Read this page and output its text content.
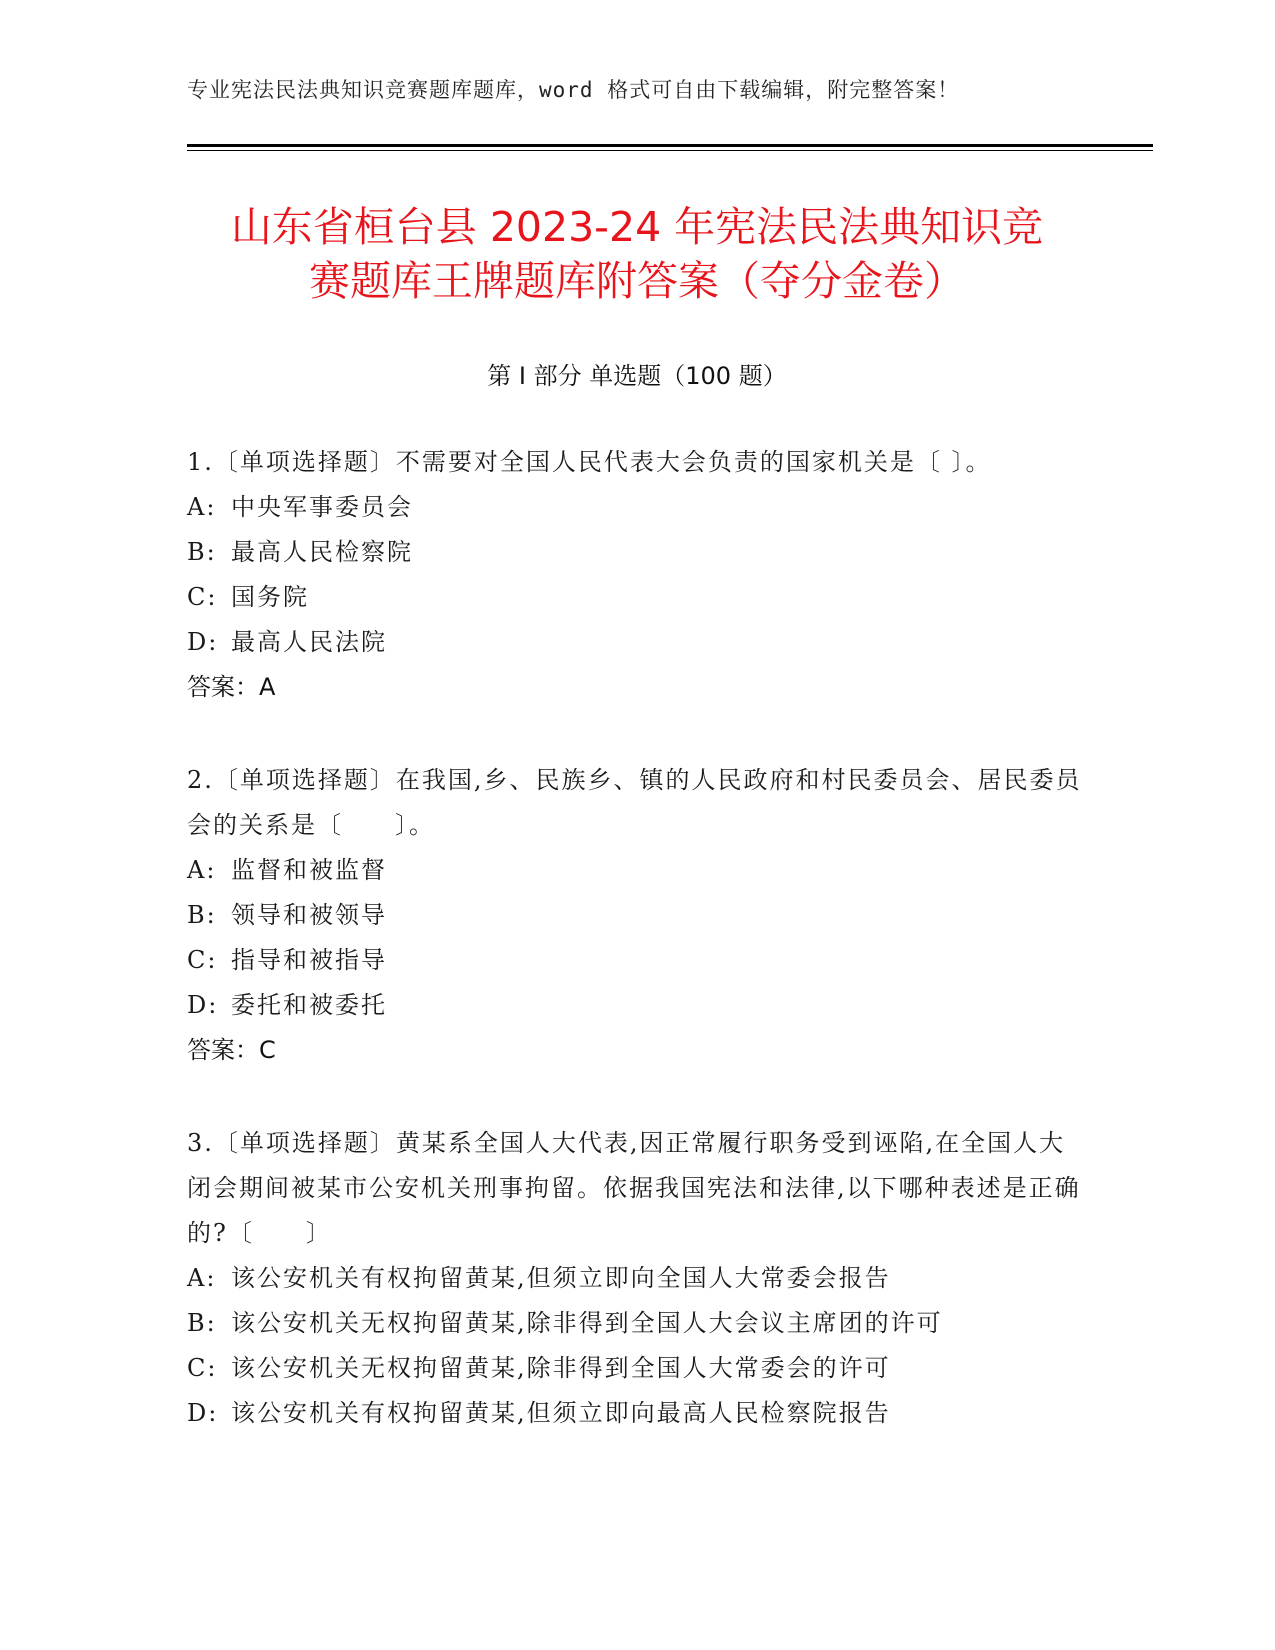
专业宪法民法典知识竞赛题库题库，word 格式可自由下载编辑，附完整答案！
山东省桓台县 2023-24 年宪法民法典知识竞
赛题库王牌题库附答案（夺分金卷）
第 I 部分 单选题（100 题）

1.〔单项选择题〕不需要对全国人民代表大会负责的国家机关是〔 〕。

A: 中央军事委员会
B: 最高人民检察院
C: 国务院
D: 最高人民法院
答案：A

2.〔单项选择题〕在我国,乡、民族乡、镇的人民政府和村民委员会、居民委员会的关系是〔　　〕。

A: 监督和被监督
B: 领导和被领导
C: 指导和被指导
D: 委托和被委托
答案：C

3.〔单项选择题〕黄某系全国人大代表,因正常履行职务受到诬陷,在全国人大闭会期间被某市公安机关刑事拘留。依据我国宪法和法律,以下哪种表述是正确的?〔　　〕

A: 该公安机关有权拘留黄某,但须立即向全国人大常委会报告
B: 该公安机关无权拘留黄某,除非得到全国人大会议主席团的许可
C: 该公安机关无权拘留黄某,除非得到全国人大常委会的许可
D: 该公安机关有权拘留黄某,但须立即向最高人民检察院报告
